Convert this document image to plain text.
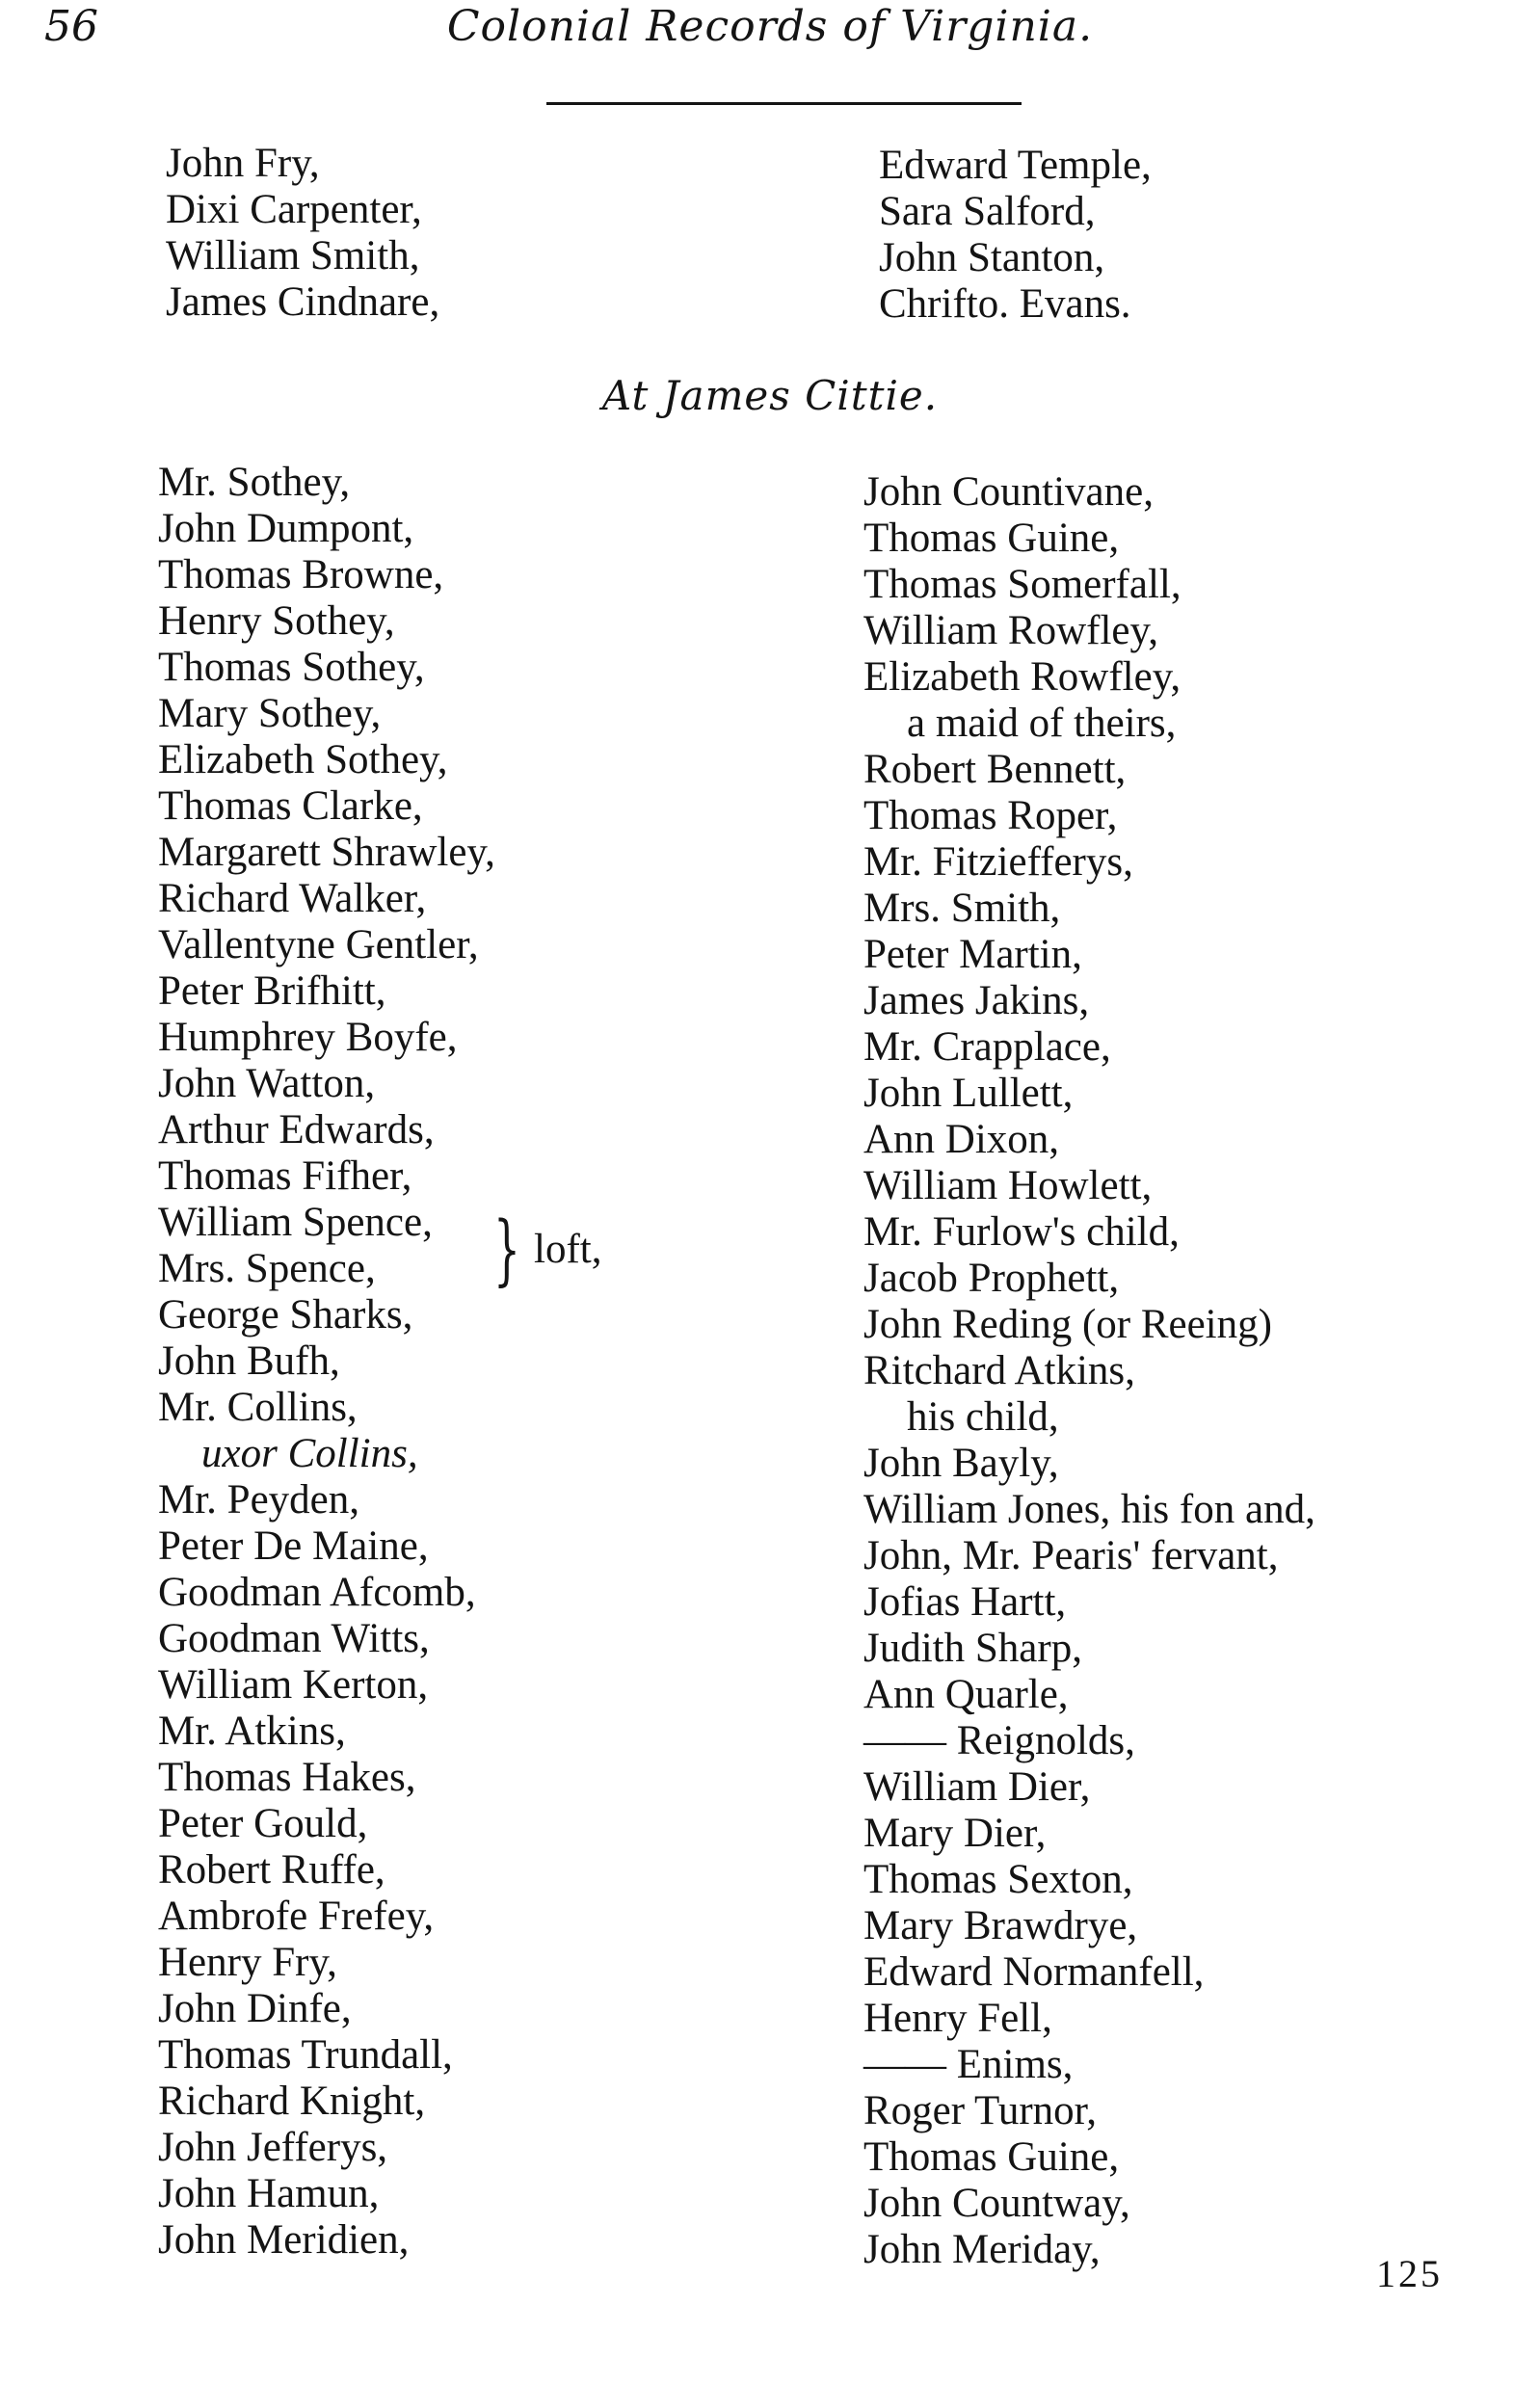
56	Colonial Records of Virginia.
John Fry,
Dixi Carpenter,
William Smith,
James Cindnare,
Edward Temple,
Sara Salford,
John Stanton,
Chrifto. Evans.
At James Cittie.
Mr. Sothey,
John Dumpont,
Thomas Browne,
Henry Sothey,
Thomas Sothey,
Mary Sothey,
Elizabeth Sothey,
Thomas Clarke,
Margarett Shrawley,
Richard Walker,
Vallentyne Gentler,
Peter Brifhitt,
Humphrey Boyfe,
John Watton,
Arthur Edwards,
Thomas Fifher,
William Spence,
Mrs. Spence,
George Sharks,
John Bufh,
Mr. Collins,
uxor Collins,
Mr. Peyden,
Peter De Maine,
Goodman Afcomb,
Goodman Witts,
William Kerton,
Mr. Atkins,
Thomas Hakes,
Peter Gould,
Robert Ruffe,
Ambrofe Frefey,
Henry Fry,
John Dinfe,
Thomas Trundall,
Richard Knight,
John Jefferys,
John Hamun,
John Meridien,
} loft,
John Countivane,
Thomas Guine,
Thomas Somerfall,
William Rowfley,
Elizabeth Rowfley,
a maid of theirs,
Robert Bennett,
Thomas Roper,
Mr. Fitziefferys,
Mrs. Smith,
Peter Martin,
James Jakins,
Mr. Crapplace,
John Lullett,
Ann Dixon,
William Howlett,
Mr. Furlow's child,
Jacob Prophett,
John Reding (or Reeing)
Ritchard Atkins,
his child,
John Bayly,
William Jones, his fon and,
John, Mr. Pearis' fervant,
Jofias Hartt,
Judith Sharp,
Ann Quarle,
—— Reignolds,
William Dier,
Mary Dier,
Thomas Sexton,
Mary Brawdrye,
Edward Normanfell,
Henry Fell,
—— Enims,
Roger Turnor,
Thomas Guine,
John Countway,
John Meriday,
125
